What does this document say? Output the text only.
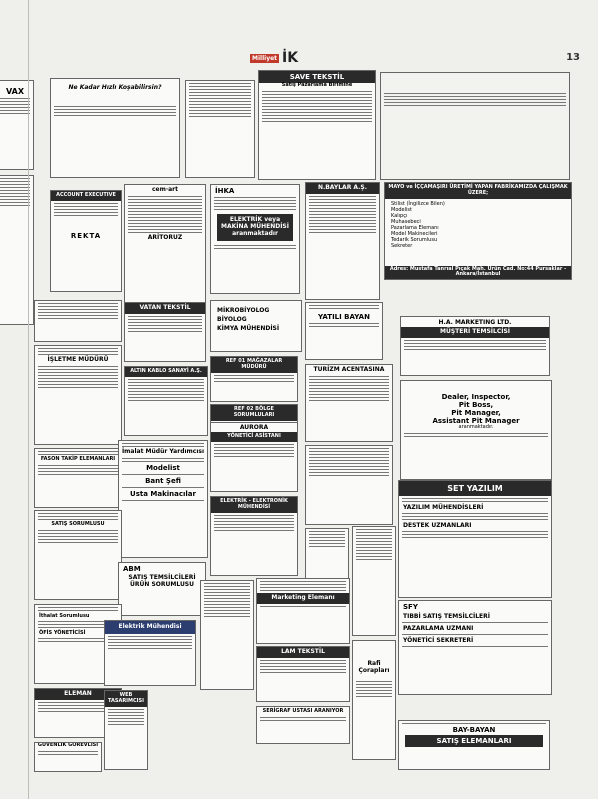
VAX
Milliyet İK	13
Ne Kadar Hızlı Koşabilirsin?
SAVE TEKSTİL
Satış Pazarlama Birimine
ACCOUNT EXECUTIVE
REKTA
cem·art
ARİTORUZ
İHKA
ELEKTRİK veya MAKİNA MÜHENDİSİ aranmaktadır
N.BAYLAR A.Ş.	MAYO ve İÇÇAMAŞIRI ÜRETİMİ YAPAN FABRİKAMIZDA ÇALIŞMAK ÜZERE;
Stilist (İngilizce Bilen)
Modelist
Kalıpçı
Muhasebeci
Pazarlama Elemanı
Model Makinecileri
Tedarik Sorumlusu
Sekreter
Adres: Mustafa Tanrıal Pıçak Mah. Ürün Cad. No:44 Pursaklar - Ankara/İstanbul
VATAN TEKSTİL	MİKROBİYOLOG
BİYOLOG
KİMYA MÜHENDİSİ
YATILI BAYAN
H.A. MARKETING LTD.
MÜŞTERİ TEMSİLCİSİ
İŞLETME MÜDÜRÜ
ALTIN KABLO SANAYİ A.Ş.
REF 01 MAĞAZALAR MÜDÜRÜ
REF 02 BÖLGE SORUMLULARI
TURİZM ACENTASINA
Dealer, Inspector,
Pit Boss,
Pit Manager,
Assistant Pit Manager
aranmaktadır.
FASON TAKİP ELEMANLARI
İmalat Müdür Yardımcısı
Modelist
Bant Şefi
Usta Makinacılar
AURORA
YÖNETİCİ ASİSTANI
SET YAZILIM
YAZILIM MÜHENDİSLERİ
DESTEK UZMANLARI
SATIŞ SORUMLUSU
ELEKTRİK - ELEKTRONİK MÜHENDİSİ
ABM
SATIŞ TEMSİLCİLERİ
ÜRÜN SORUMLUSU
İthalat Sorumlusu
ÖFİS YÖNETİCİSİ
Elektrik Mühendisi
Marketing Elemanı
SFY
TIBBİ SATIŞ TEMSİLCİLERİ
PAZARLAMA UZMANI
YÖNETİCİ SEKRETERİ
ELEMAN	WEB TASARIMCISI
LAM TEKSTİL
SERİGRAF USTASI ARANIYOR
Rafi Çorapları
BAY-BAYAN
SATIŞ ELEMANLARI
GÜVENLİK GÖREVLİSİ
